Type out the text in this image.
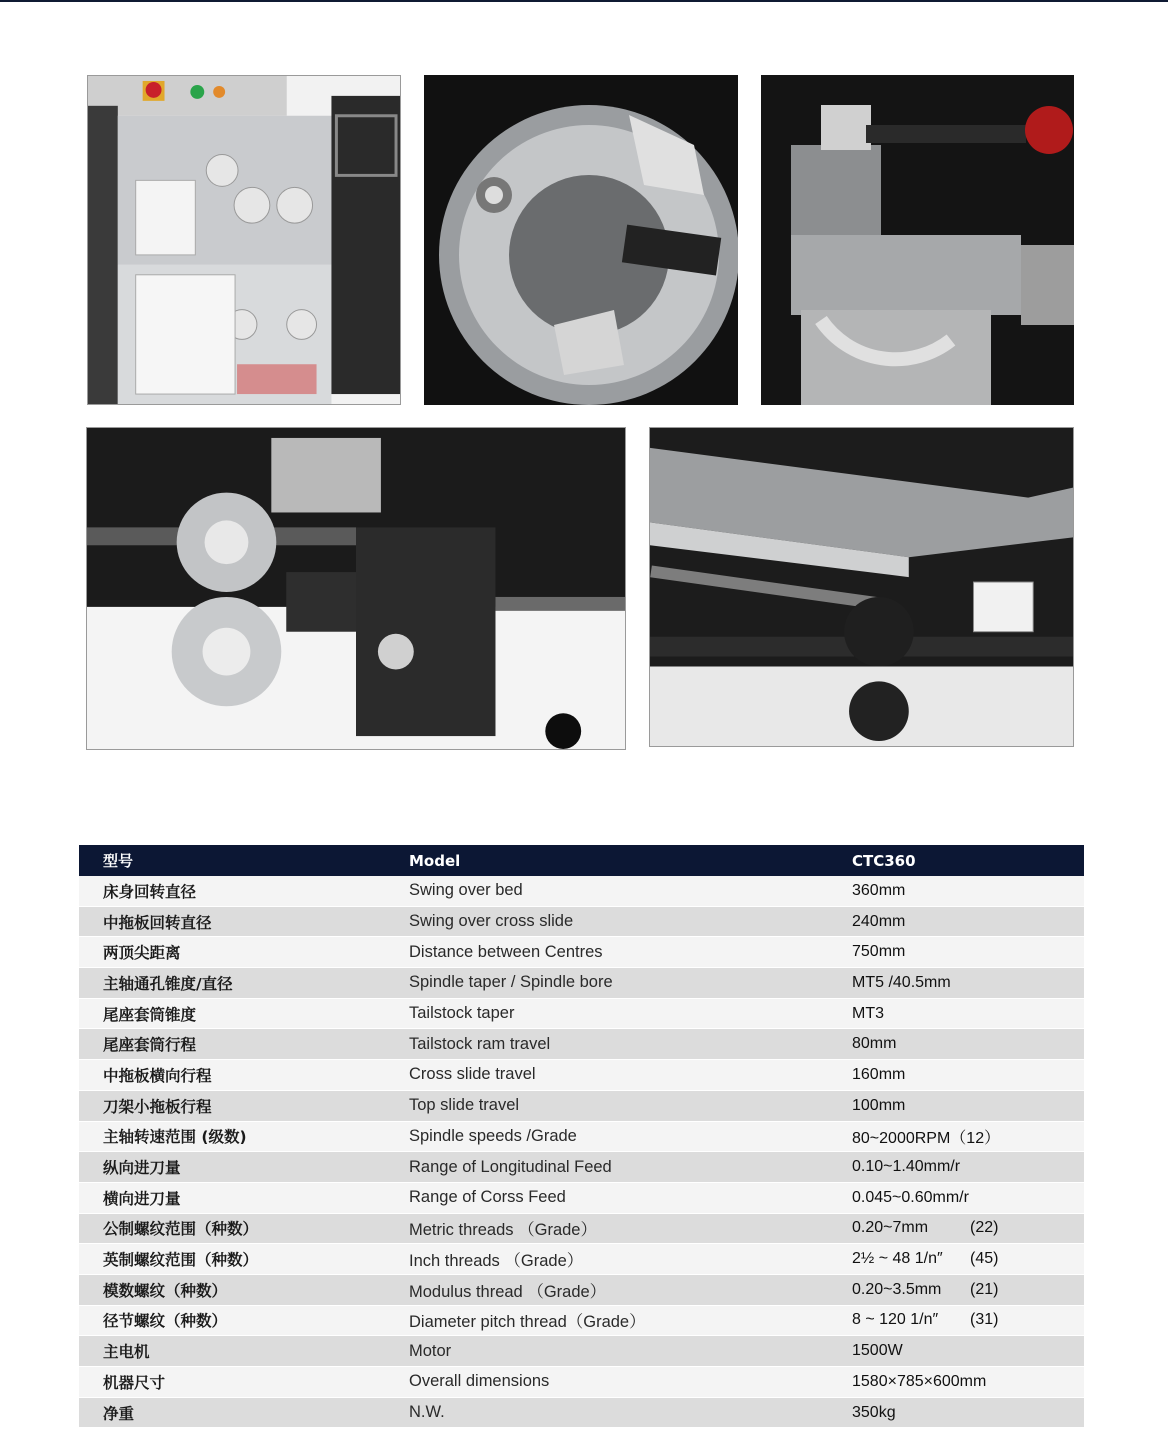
型号	Model	CTC360
床身回转直径	Swing over bed	360mm
中拖板回转直径	Swing over cross slide	240mm
两顶尖距离	Distance between Centres	750mm
主轴通孔锥度/直径	Spindle taper / Spindle bore	MT5 /40.5mm
尾座套筒锥度	Tailstock taper	MT3
尾座套筒行程	Tailstock ram travel	80mm
中拖板横向行程	Cross slide travel	160mm
刀架小拖板行程	Top slide travel	100mm
主轴转速范围 (级数)	Spindle speeds /Grade	80~2000RPM（12）
纵向进刀量	Range of Longitudinal Feed	0.10~1.40mm/r
横向进刀量	Range of Corss Feed	0.045~0.60mm/r
公制螺纹范围（种数）	Metric threads （Grade）	0.20~7mm (22)
英制螺纹范围（种数）	Inch threads （Grade）	2½ ~ 48 1/n″ (45)
模数螺纹（种数）	Modulus thread （Grade）	0.20~3.5mm (21)
径节螺纹（种数）	Diameter pitch thread（Grade）	8 ~ 120 1/n″ (31)
主电机	Motor	1500W
机器尺寸	Overall dimensions	1580×785×600mm
净重	N.W.	350kg
